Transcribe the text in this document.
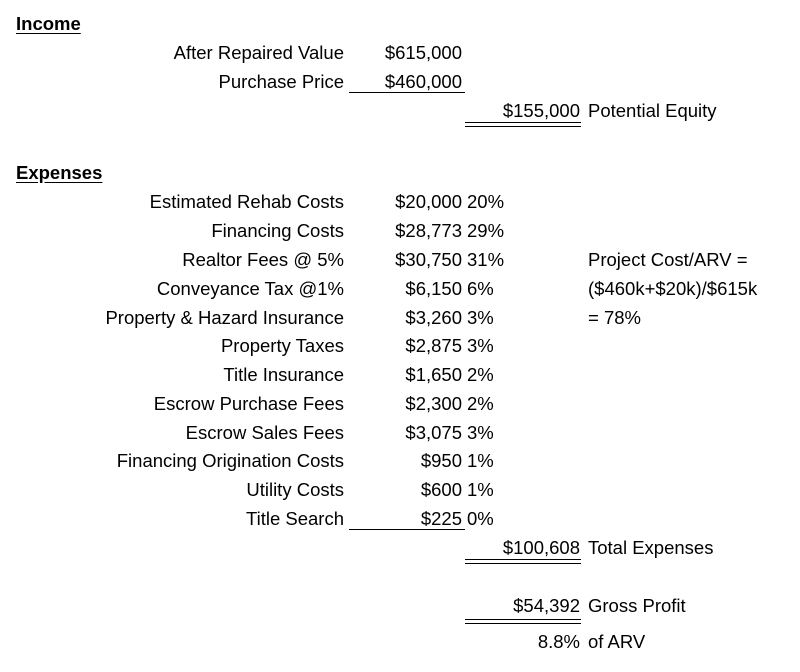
Income
After Repaired Value $615,000
Purchase Price $460,000
$155,000 Potential Equity
Expenses
Estimated Rehab Costs	$20,000 20%
Financing Costs	$28,773 29%
Realtor Fees @ 5%	$30,750 31%
Conveyance Tax @1%	$6,150 6%
Property & Hazard Insurance	$3,260 3%
Property Taxes	$2,875 3%
Title Insurance	$1,650 2%
Escrow Purchase Fees	$2,300 2%
Escrow Sales Fees	$3,075 3%
Financing Origination Costs	$950 1%
Utility Costs	$600 1%
Title Search	$225 0%
$100,608 Total Expenses
Project Cost/ARV =
($460k+$20k)/$615k
= 78%
$54,392 Gross Profit
8.8% of ARV
